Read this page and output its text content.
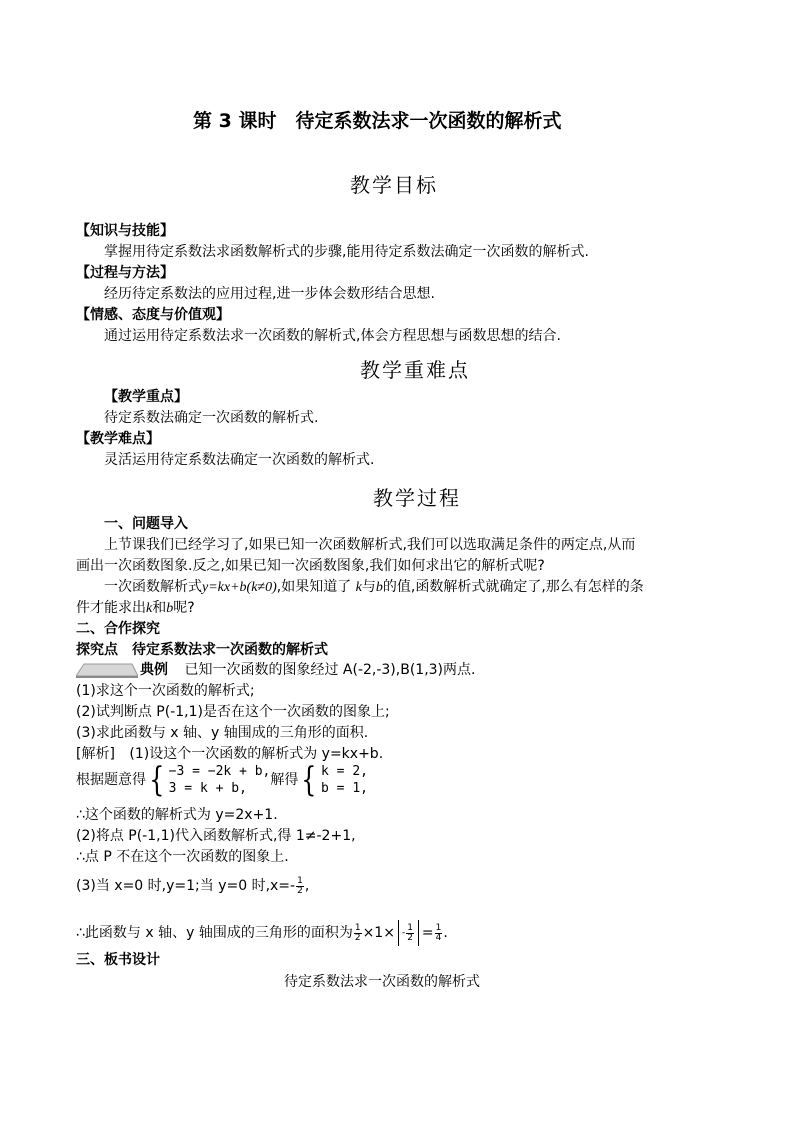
第 3 课时　待定系数法求一次函数的解析式
教学目标
【知识与技能】
掌握用待定系数法求函数解析式的步骤,能用待定系数法确定一次函数的解析式.
【过程与方法】
经历待定系数法的应用过程,进一步体会数形结合思想.
【情感、态度与价值观】
通过运用待定系数法求一次函数的解析式,体会方程思想与函数思想的结合.
教学重难点
【教学重点】
待定系数法确定一次函数的解析式.
【教学难点】
灵活运用待定系数法确定一次函数的解析式.
教学过程
一、问题导入
上节课我们已经学习了,如果已知一次函数解析式,我们可以选取满足条件的两定点,从而
画出一次函数图象.反之,如果已知一次函数图象,我们如何求出它的解析式呢?
一次函数解析式y=kx+b(k≠0),如果知道了 k与b的值,函数解析式就确定了,那么有怎样的条
件才能求出k和b呢?
二、合作探究
探究点　待定系数法求一次函数的解析式
典例 已知一次函数的图象经过 A(-2,-3),B(1,3)两点.
(1)求这个一次函数的解析式;
(2)试判断点 P(-1,1)是否在这个一次函数的图象上;
(3)求此函数与 x 轴、y 轴围成的三角形的面积.
[解析] (1)设这个一次函数的解析式为 y=kx+b.
根据题意得 { −3 = −2k + b,
3 = k + b,
解得 { k = 2,
b = 1,
∴这个函数的解析式为 y=2x+1.
(2)将点 P(-1,1)代入函数解析式,得 1≠-2+1,
∴点 P 不在这个一次函数的图象上.
(3)当 x=0 时,y=1;当 y=0 时$,x=- \frac{1}{2}$ ,
∴此函数与 x 轴、y 轴围成的三角形的面积为 $\frac{1}{2} \times 1\times - \frac{1}{2} = \frac{1}{4}$ .
三、板书设计
待定系数法求一次函数的解析式
